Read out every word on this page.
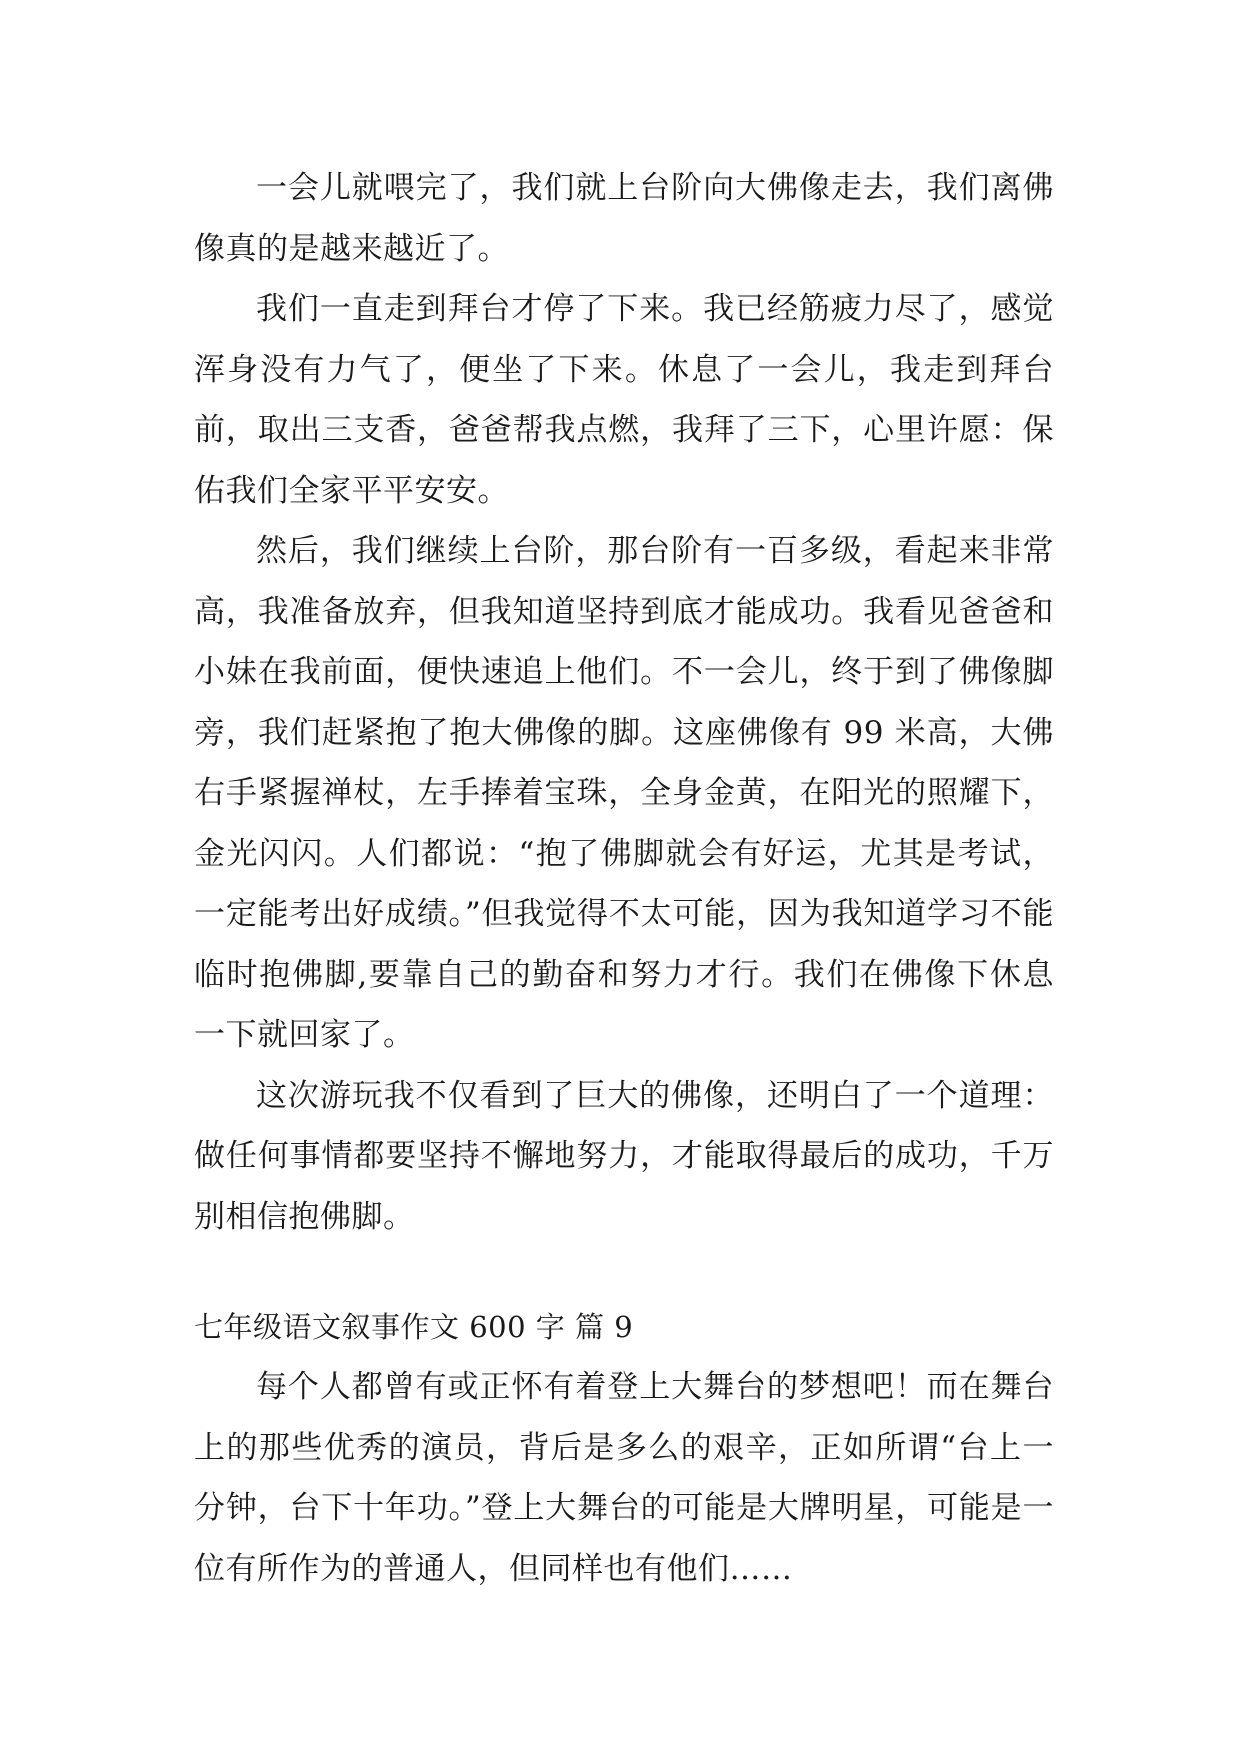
一会儿就喂完了，我们就上台阶向大佛像走去，我们离佛像真的是越来越近了。

我们一直走到拜台才停了下来。我已经筋疲力尽了，感觉浑身没有力气了，便坐了下来。休息了一会儿，我走到拜台前，取出三支香，爸爸帮我点燃，我拜了三下，心里许愿：保佑我们全家平平安安。

然后，我们继续上台阶，那台阶有一百多级，看起来非常高，我准备放弃，但我知道坚持到底才能成功。我看见爸爸和小妹在我前面，便快速追上他们。不一会儿，终于到了佛像脚旁，我们赶紧抱了抱大佛像的脚。这座佛像有 99 米高，大佛右手紧握禅杖，左手捧着宝珠，全身金黄，在阳光的照耀下，金光闪闪。人们都说：“抱了佛脚就会有好运，尤其是考试，一定能考出好成绩。”但我觉得不太可能，因为我知道学习不能临时抱佛脚,要靠自己的勤奋和努力才行。我们在佛像下休息一下就回家了。

这次游玩我不仅看到了巨大的佛像，还明白了一个道理：做任何事情都要坚持不懈地努力，才能取得最后的成功，千万别相信抱佛脚。

七年级语文叙事作文 600 字 篇 9

每个人都曾有或正怀有着登上大舞台的梦想吧！而在舞台上的那些优秀的演员，背后是多么的艰辛，正如所谓“台上一分钟，台下十年功。”登上大舞台的可能是大牌明星，可能是一位有所作为的普通人，但同样也有他们……
